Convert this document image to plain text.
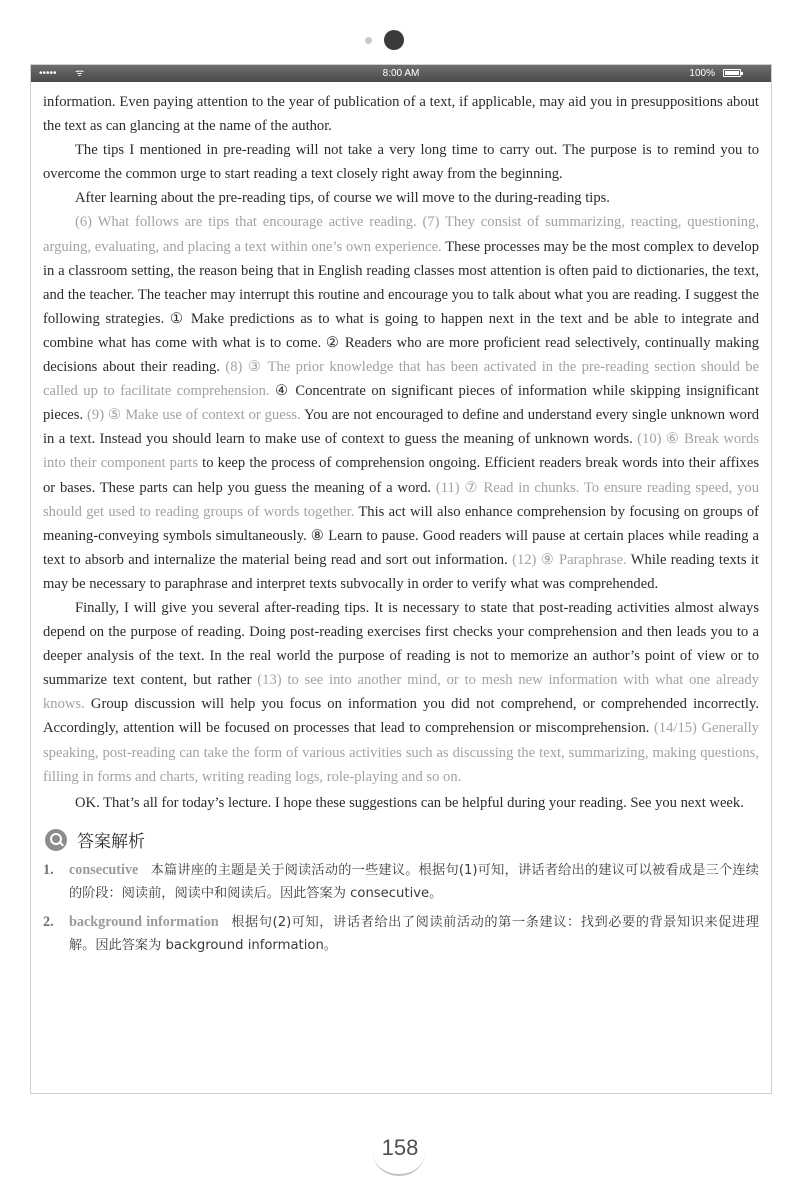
••••• ᯤ	8:00 AM	100%

information. Even paying attention to the year of publication of a text, if applicable, may aid you in presuppositions about the text as can glancing at the name of the author.

The tips I mentioned in pre-reading will not take a very long time to carry out. The purpose is to remind you to overcome the common urge to start reading a text closely right away from the beginning.

After learning about the pre-reading tips, of course we will move to the during-reading tips.

(6) What follows are tips that encourage active reading. (7) They consist of summarizing, reacting, questioning, arguing, evaluating, and placing a text within one’s own experience. These processes may be the most complex to develop in a classroom setting, the reason being that in English reading classes most attention is often paid to dictionaries, the text, and the teacher. The teacher may interrupt this routine and encourage you to talk about what you are reading. I suggest the following strategies. ① Make predictions as to what is going to happen next in the text and be able to integrate and combine what has come with what is to come. ② Readers who are more proficient read selectively, continually making decisions about their reading. (8) ③ The prior knowledge that has been activated in the pre-reading section should be called up to facilitate comprehension. ④ Concentrate on significant pieces of information while skipping insignificant pieces. (9) ⑤ Make use of context or guess. You are not encouraged to define and understand every single unknown word in a text. Instead you should learn to make use of context to guess the meaning of unknown words. (10) ⑥ Break words into their component parts to keep the process of comprehension ongoing. Efficient readers break words into their affixes or bases. These parts can help you guess the meaning of a word. (11) ⑦ Read in chunks. To ensure reading speed, you should get used to reading groups of words together. This act will also enhance comprehension by focusing on groups of meaning-conveying symbols simultaneously. ⑧ Learn to pause. Good readers will pause at certain places while reading a text to absorb and internalize the material being read and sort out information. (12) ⑨ Paraphrase. While reading texts it may be necessary to paraphrase and interpret texts subvocally in order to verify what was comprehended.

Finally, I will give you several after-reading tips. It is necessary to state that post-reading activities almost always depend on the purpose of reading. Doing post-reading exercises first checks your comprehension and then leads you to a deeper analysis of the text. In the real world the purpose of reading is not to memorize an author’s point of view or to summarize text content, but rather (13) to see into another mind, or to mesh new information with what one already knows. Group discussion will help you focus on information you did not comprehend, or comprehended incorrectly. Accordingly, attention will be focused on processes that lead to comprehension or miscomprehension. (14/15) Generally speaking, post-reading can take the form of various activities such as discussing the text, summarizing, making questions, filling in forms and charts, writing reading logs, role-playing and so on.

OK. That’s all for today’s lecture. I hope these suggestions can be helpful during your reading. See you next week.

答案解析
1. consecutive 本篇讲座的主题是关于阅读活动的一些建议。根据句(1)可知，讲话者给出的建议可以被看成是三个连续的阶段：阅读前，阅读中和阅读后。因此答案为 consecutive。
2. background information 根据句(2)可知，讲话者给出了阅读前活动的第一条建议：找到必要的背景知识来促进理解。因此答案为 background information。
158
